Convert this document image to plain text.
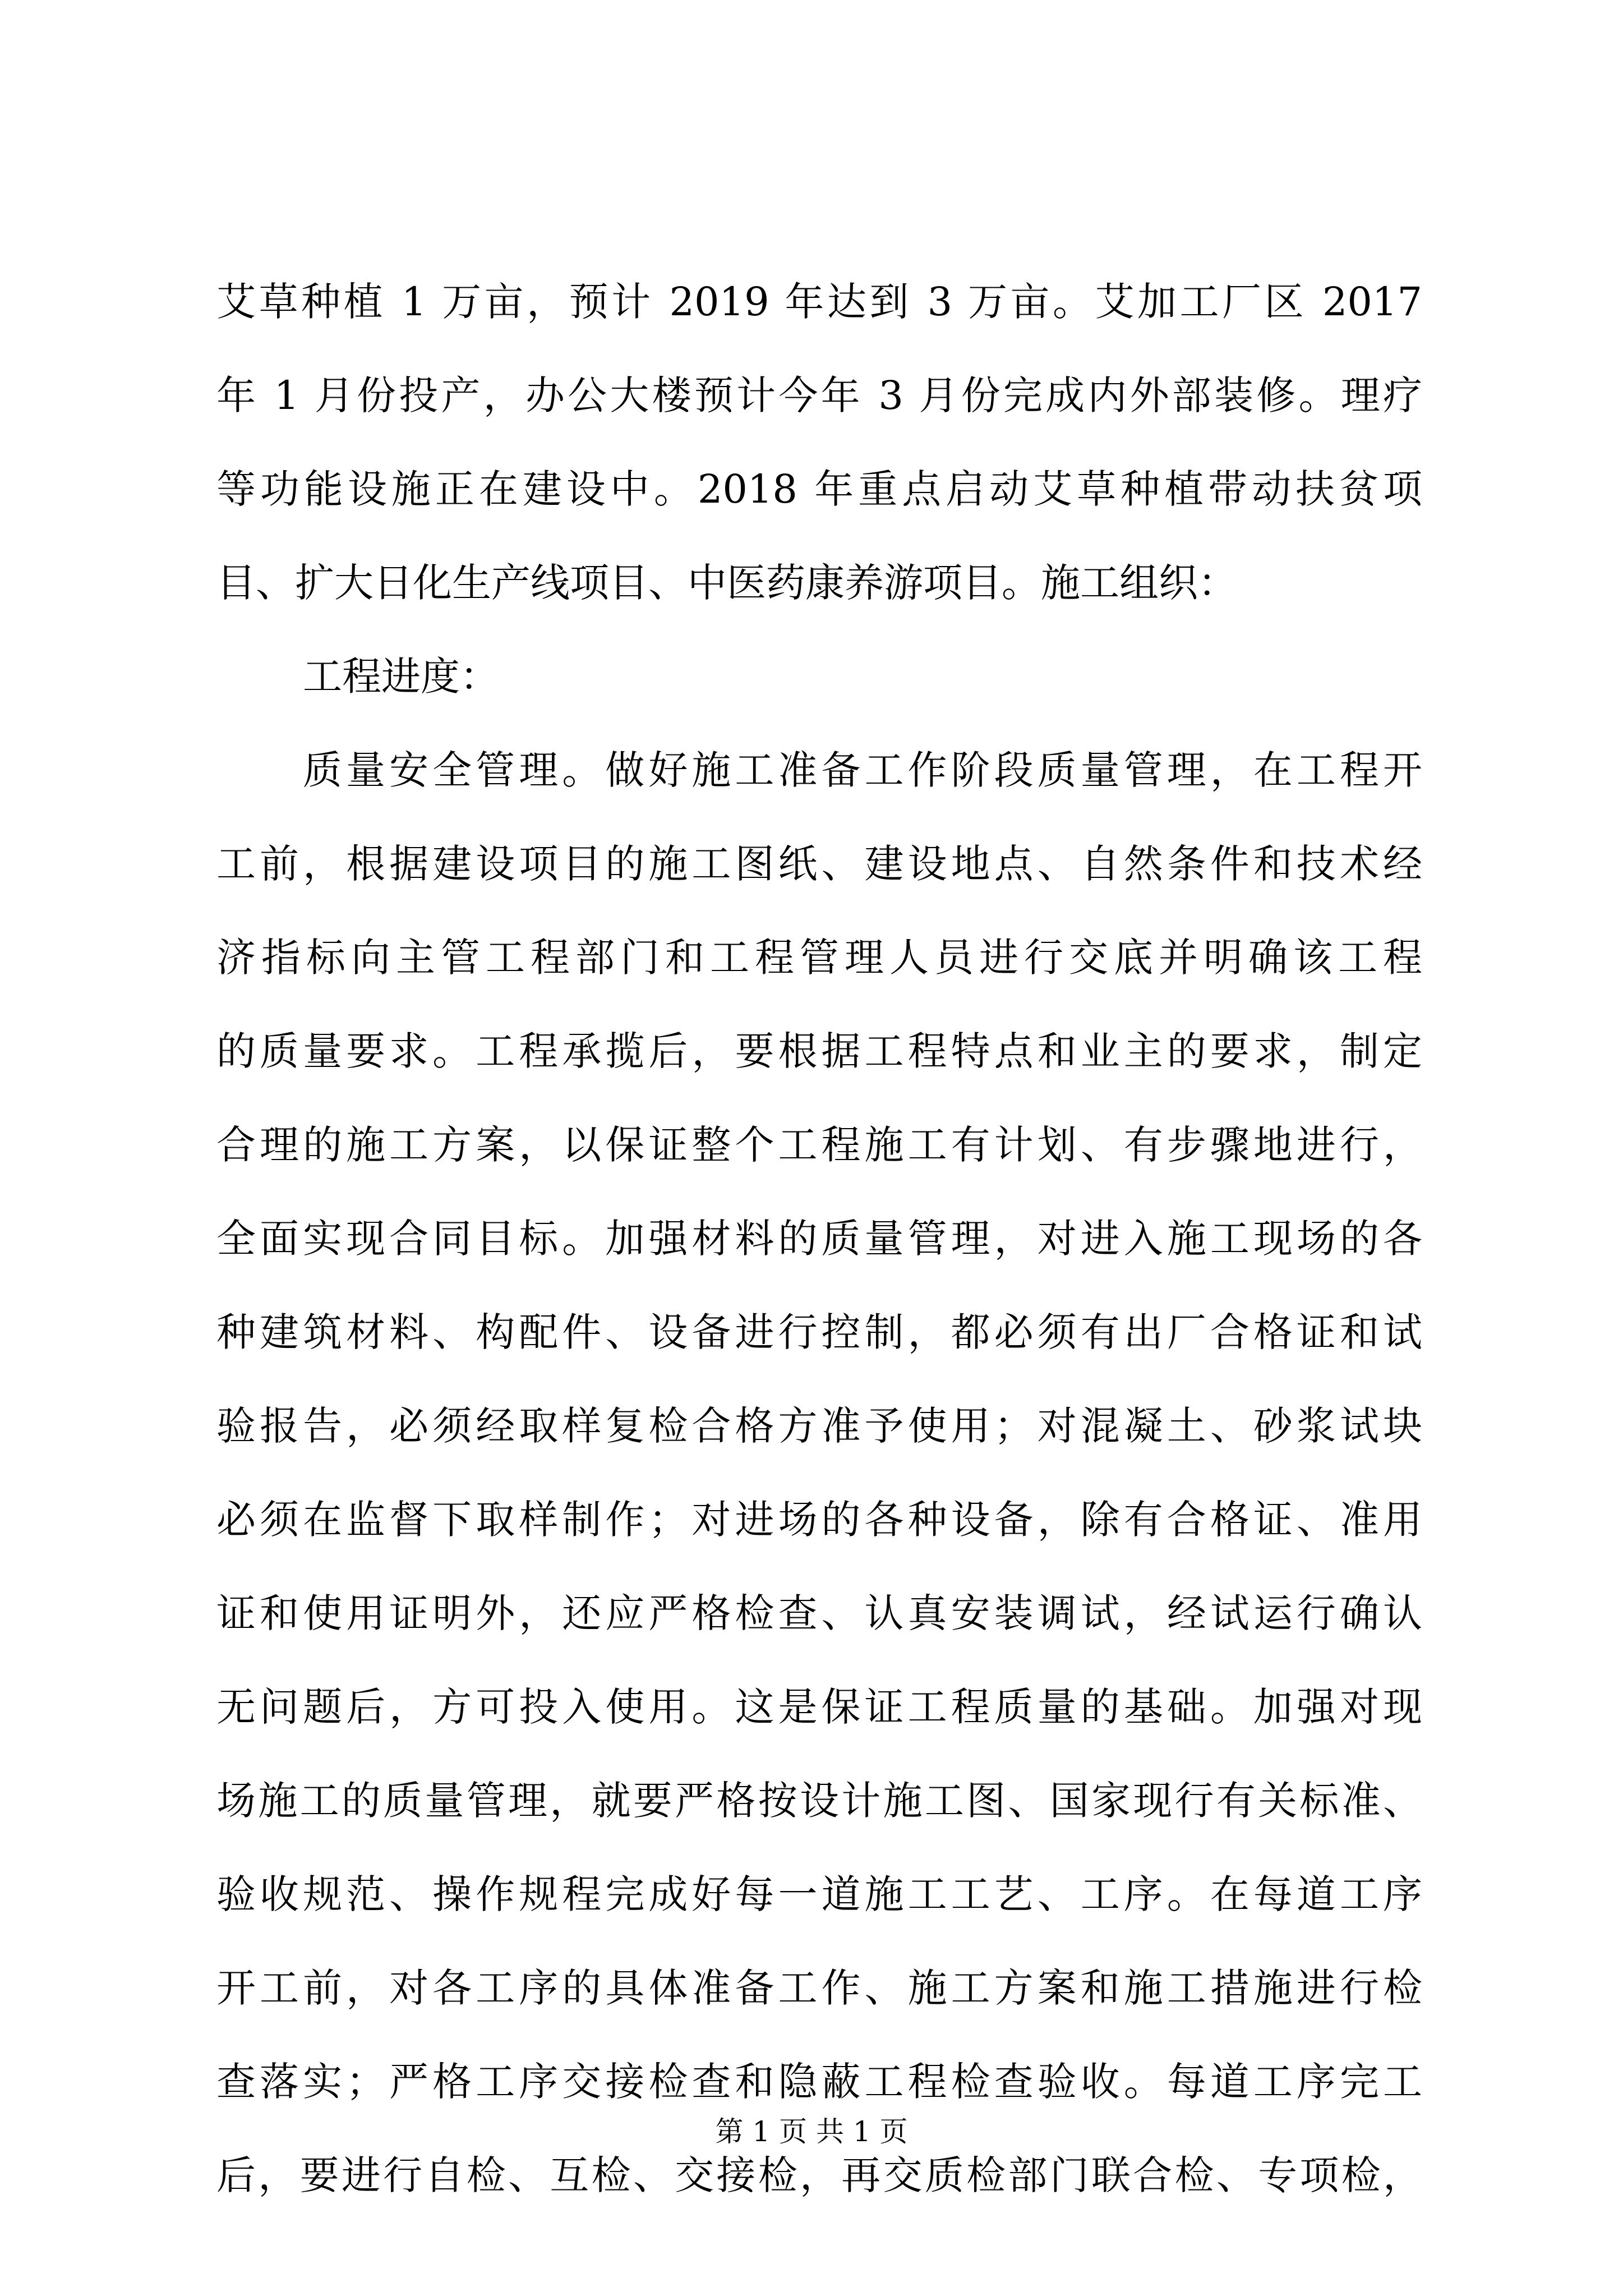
艾草种植 1 万亩，预计 2019 年达到 3 万亩。艾加工厂区 2017
年 1 月份投产，办公大楼预计今年 3 月份完成内外部装修。理疗
等功能设施正在建设中。2018 年重点启动艾草种植带动扶贫项
目、扩大日化生产线项目、中医药康养游项目。施工组织：
工程进度：
质量安全管理。做好施工准备工作阶段质量管理，在工程开
工前，根据建设项目的施工图纸、建设地点、自然条件和技术经
济指标向主管工程部门和工程管理人员进行交底并明确该工程
的质量要求。工程承揽后，要根据工程特点和业主的要求，制定
合理的施工方案，以保证整个工程施工有计划、有步骤地进行，
全面实现合同目标。加强材料的质量管理，对进入施工现场的各
种建筑材料、构配件、设备进行控制，都必须有出厂合格证和试
验报告，必须经取样复检合格方准予使用；对混凝土、砂浆试块
必须在监督下取样制作；对进场的各种设备，除有合格证、准用
证和使用证明外，还应严格检查、认真安装调试，经试运行确认
无问题后，方可投入使用。这是保证工程质量的基础。加强对现
场施工的质量管理，就要严格按设计施工图、国家现行有关标准、
验收规范、操作规程完成好每一道施工工艺、工序。在每道工序
开工前，对各工序的具体准备工作、施工方案和施工措施进行检
查落实；严格工序交接检查和隐蔽工程检查验收。每道工序完工
后，要进行自检、互检、交接检，再交质检部门联合检、专项检，
第 1 页 共 1 页
